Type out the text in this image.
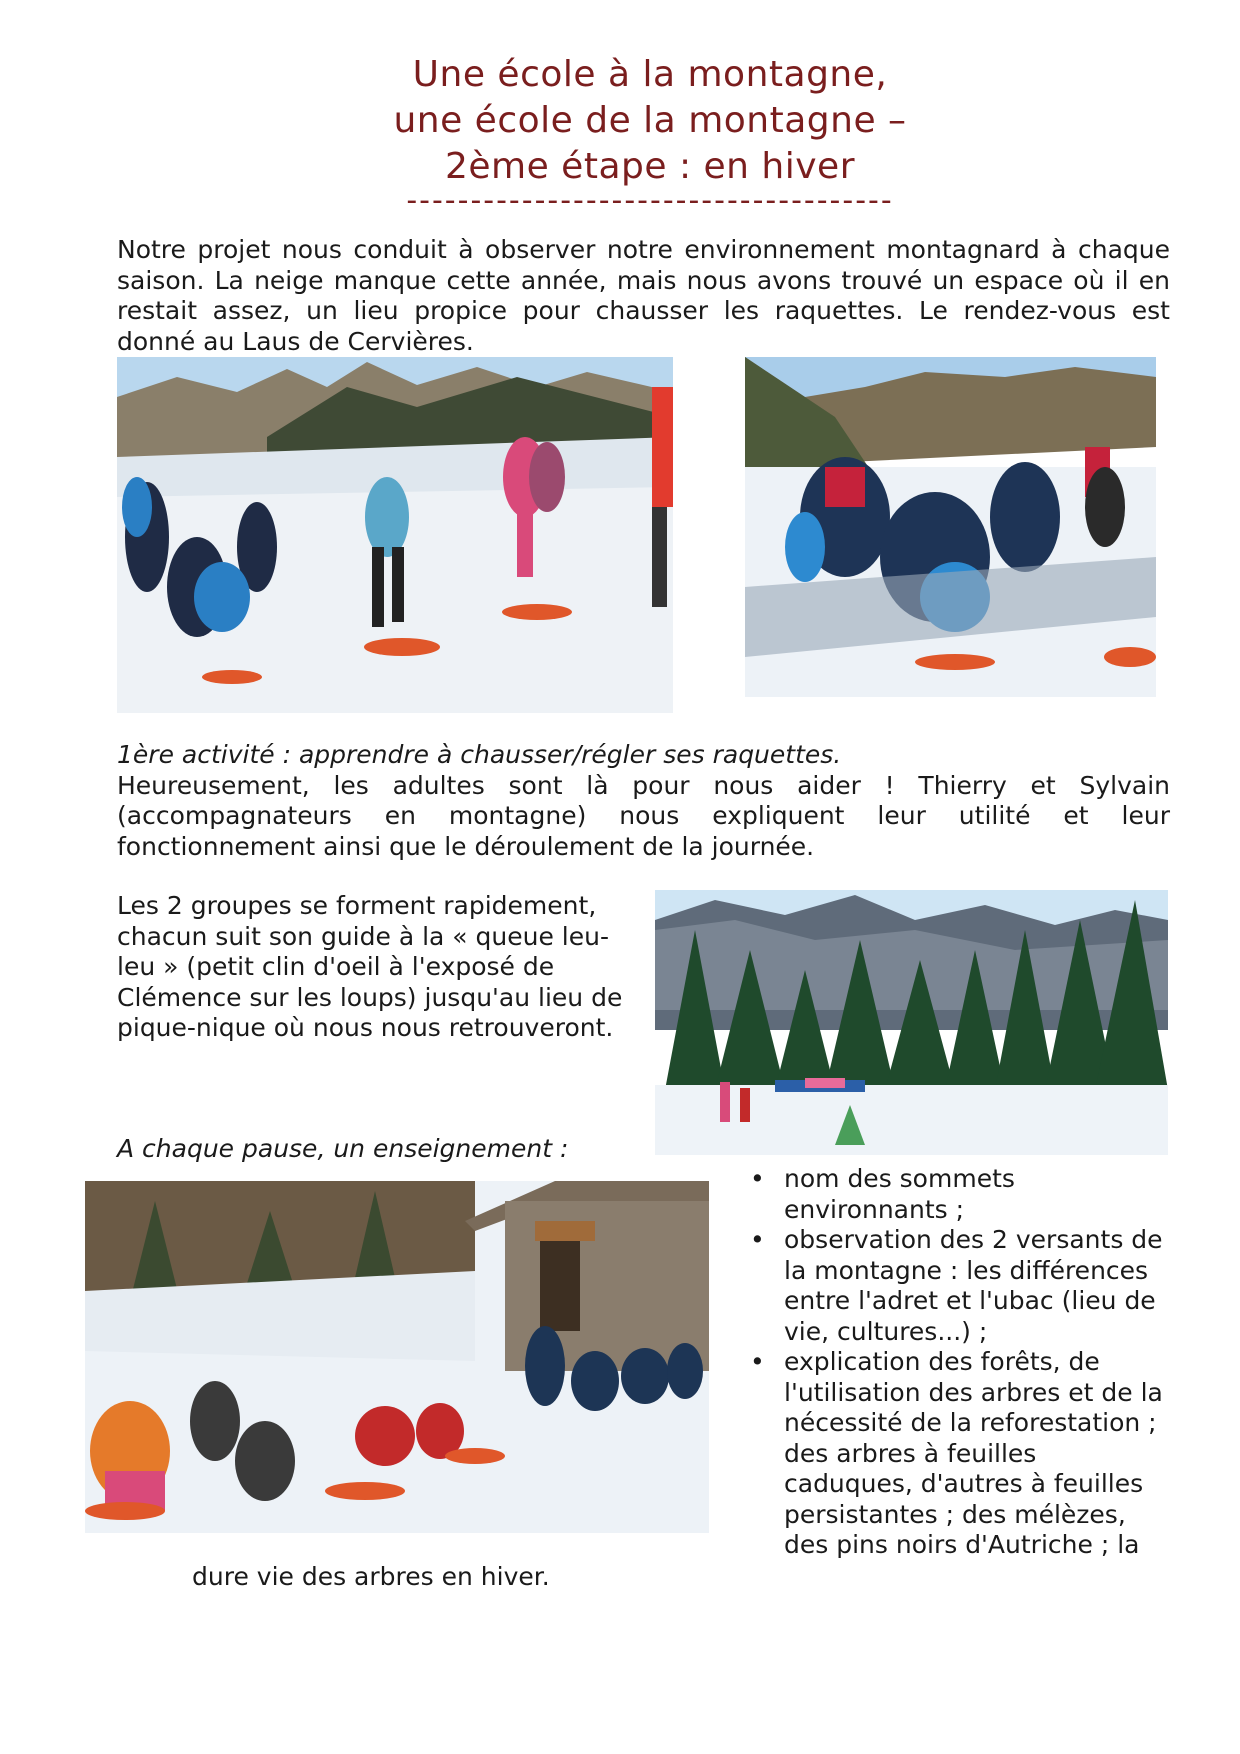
Une école à la montagne,
une école de la montagne –
2ème étape : en hiver
--------------------------------------
Notre projet nous conduit à observer notre environnement montagnard à chaque
saison. La neige manque cette année, mais nous avons trouvé un espace où il en
restait assez, un lieu propice pour chausser les raquettes. Le rendez-vous est
donné au Laus de Cervières.
1ère activité : apprendre à chausser/régler ses raquettes.
Heureusement, les adultes sont là pour nous aider ! Thierry et Sylvain
(accompagnateurs en montagne) nous expliquent leur utilité et leur
fonctionnement ainsi que le déroulement de la journée.
Les 2 groupes se forment rapidement,
chacun suit son guide à la « queue leu-
leu » (petit clin d'oeil à l'exposé de
Clémence sur les loups) jusqu'au lieu de
pique-nique où nous nous retrouveront.
A chaque pause, un enseignement :
• nom des sommets
environnants ;
• observation des 2 versants de
la montagne : les différences
entre l'adret et l'ubac (lieu de
vie, cultures...) ;
• explication des forêts, de
l'utilisation des arbres et de la
nécessité de la reforestation ;
des arbres à feuilles
caduques, d'autres à feuilles
persistantes ; des mélèzes,
des pins noirs d'Autriche ; la
dure vie des arbres en hiver.
